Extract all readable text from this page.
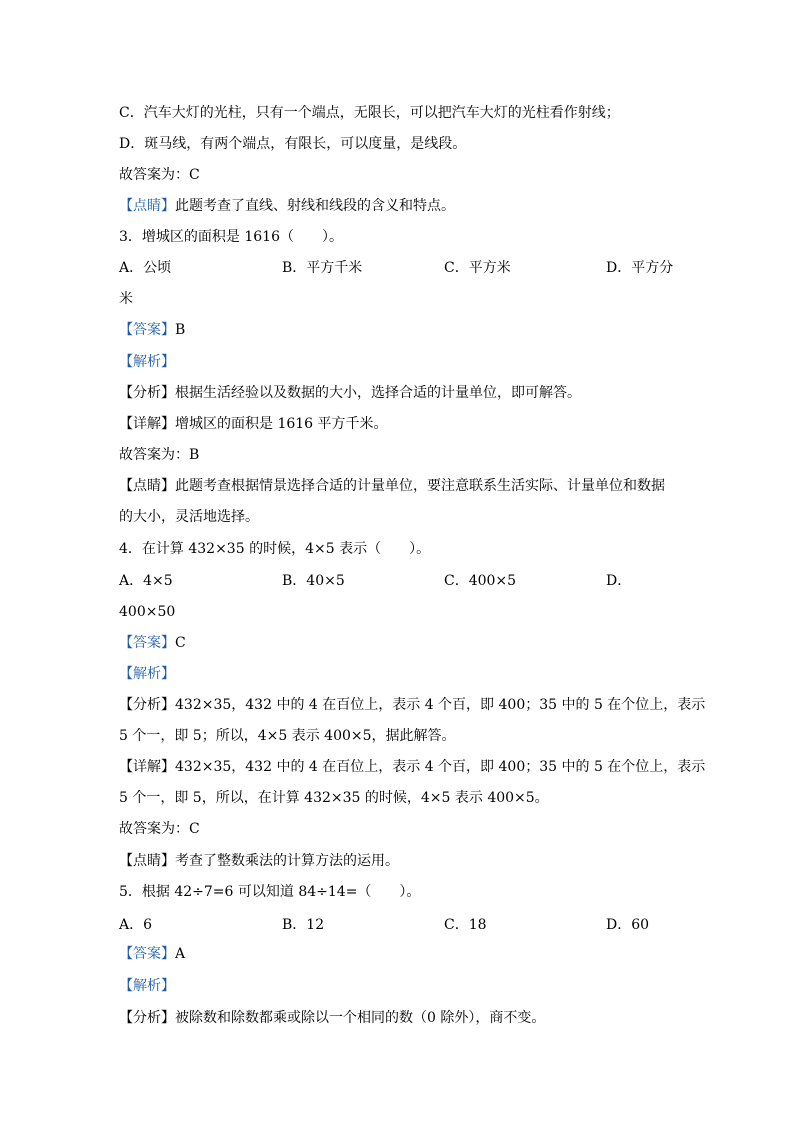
C．汽车大灯的光柱，只有一个端点，无限长，可以把汽车大灯的光柱看作射线；
D．斑马线，有两个端点，有限长，可以度量，是线段。
故答案为：C
【点睛】此题考查了直线、射线和线段的含义和特点。
3．增城区的面积是 1616（　　）。
A．公顷	B．平方千米	C．平方米	D．平方分
米
【答案】B
【解析】
【分析】根据生活经验以及数据的大小，选择合适的计量单位，即可解答。
【详解】增城区的面积是 1616 平方千米。
故答案为：B
【点睛】此题考查根据情景选择合适的计量单位，要注意联系生活实际、计量单位和数据
的大小，灵活地选择。
4．在计算 432×35 的时候，4×5 表示（　　）。
A．4×5	B．40×5	C．400×5	D．
400×50
【答案】C
【解析】
【分析】432×35，432 中的 4 在百位上，表示 4 个百，即 400；35 中的 5 在个位上，表示
5 个一，即 5；所以，4×5 表示 400×5，据此解答。
【详解】432×35，432 中的 4 在百位上，表示 4 个百，即 400；35 中的 5 在个位上，表示
5 个一，即 5，所以，在计算 432×35 的时候，4×5 表示 400×5。
故答案为：C
【点睛】考查了整数乘法的计算方法的运用。
5．根据 42÷7=6 可以知道 84÷14=（　　）。
A．6	B．12	C．18	D．60
【答案】A
【解析】
【分析】被除数和除数都乘或除以一个相同的数（0 除外），商不变。
